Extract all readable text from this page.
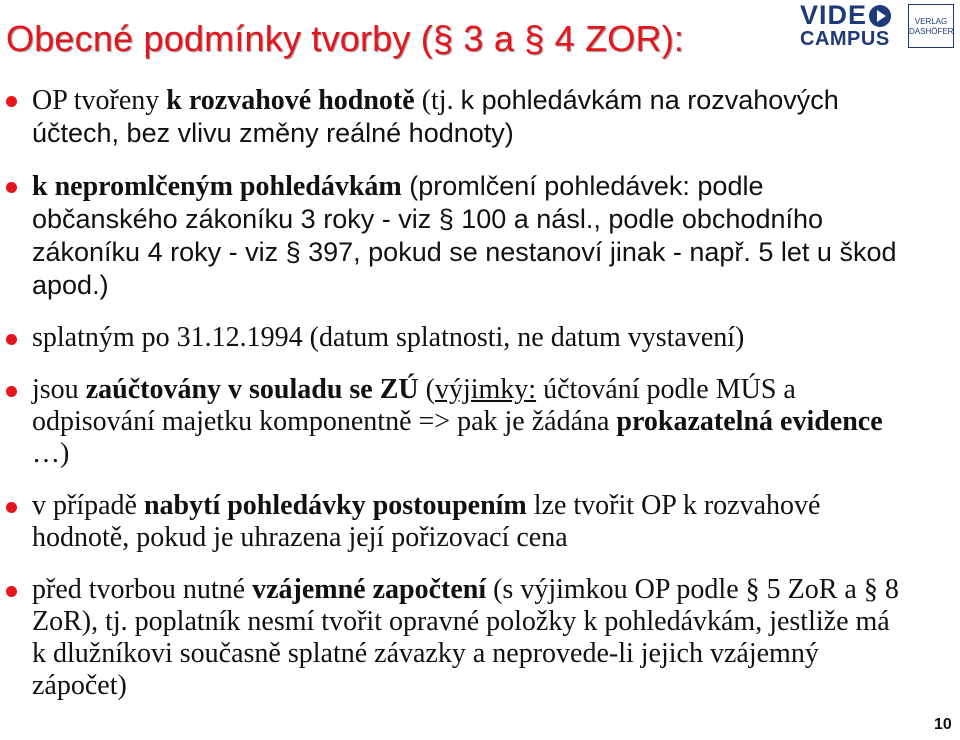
Obecné podmínky tvorby (§ 3 a § 4 ZOR):
VIDE
CAMPUS
VERLAG
DASHÖFER
OP tvořeny k rozvahové hodnotě (tj. k pohledávkám na rozvahových účtech, bez vlivu změny reálné hodnoty)
k nepromlčeným pohledávkám (promlčení pohledávek: podle občanského zákoníku 3 roky - viz § 100 a násl., podle obchodního zákoníku 4 roky - viz § 397, pokud se nestanoví jinak - např. 5 let u škod apod.)
splatným po 31.12.1994 (datum splatnosti, ne datum vystavení)
jsou zaúčtovány v souladu se ZÚ (výjimky: účtování podle MÚS a odpisování majetku komponentně => pak je žádána prokazatelná evidence …)
v případě nabytí pohledávky postoupením lze tvořit OP k rozvahové hodnotě, pokud je uhrazena její pořizovací cena
před tvorbou nutné vzájemné započtení (s výjimkou OP podle § 5 ZoR a § 8 ZoR), tj. poplatník nesmí tvořit opravné položky k pohledávkám, jestliže má k dlužníkovi současně splatné závazky a neprovede-li jejich vzájemný zápočet)
10
